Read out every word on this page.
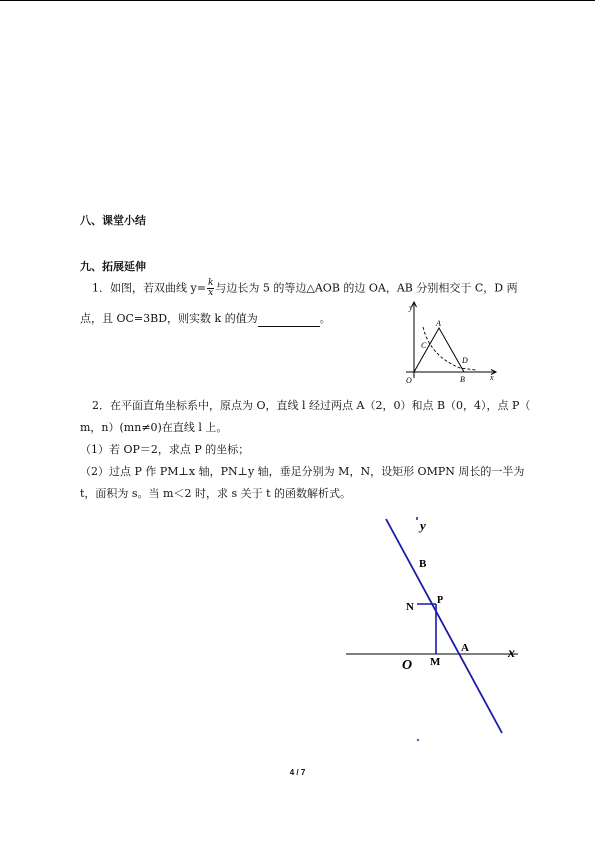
八、课堂小结
九、拓展延伸
1．如图，若双曲线 $y= \frac{k}{x}$ 与边长为 5 的等边△AOB 的边 OA，AB 分别相交于 C，D 两
点，且 OC=3BD，则实数 k 的值为	。
y
x
O
A
B
C
D
2．在平面直角坐标系中，原点为 O，直线 l 经过两点 A（2，0）和点 B（0，4），点 P（
m，n）(mn≠0)在直线 l 上。
（1）若 OP＝2，求点 P 的坐标；
（2）过点 P 作 PM⊥x 轴，PN⊥y 轴，垂足分别为 M，N，设矩形 OMPN 周长的一半为
t，面积为 s。当 m＜2 时，求 s 关于 t 的函数解析式。
y
x
O
B
P
N
M
A
4 / 7
